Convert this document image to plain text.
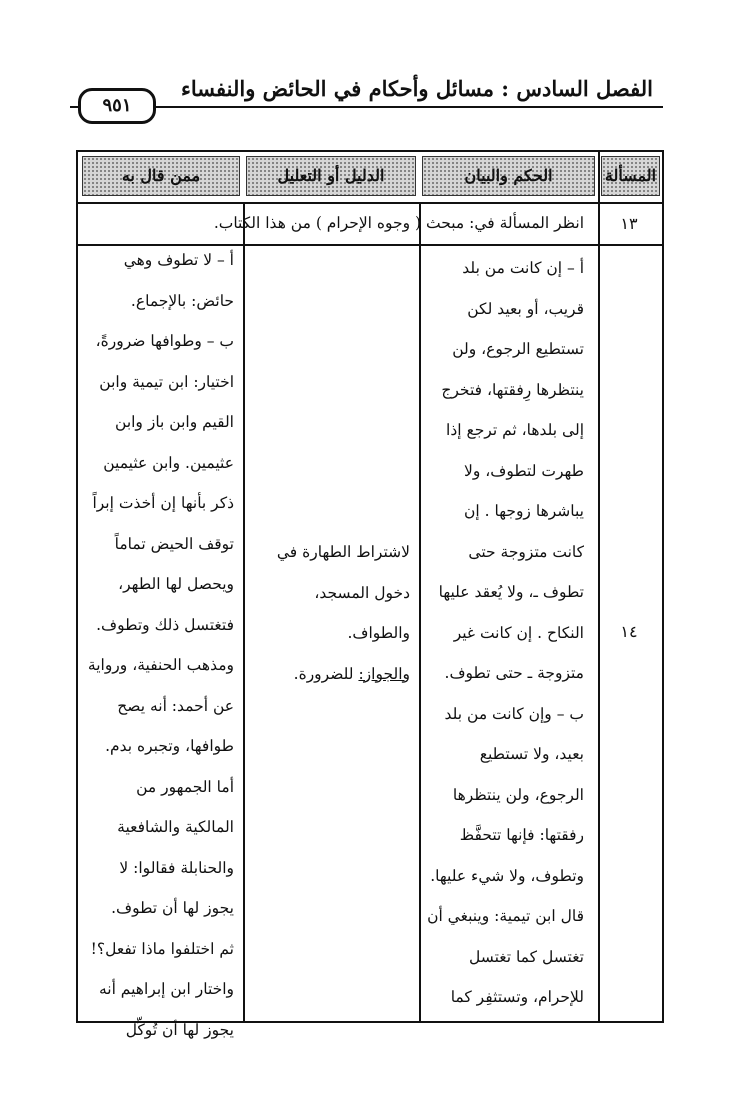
الفصل السادس : مسائل وأحكام في الحائض والنفساء
٩٥١
المسألة
الحكم والبيان
الدليل أو التعليل
ممن قال به
١٣
انظر المسألة في: مبحث ( وجوه الإحرام ) من هذا الكتاب.
١٤
أ – إن كانت من بلد
قريب، أو بعيد لكن
تستطيع الرجوع، ولن
ينتظرها رِفقتها، فتخرج
إلى بلدها، ثم ترجع إذا
طهرت لتطوف، ولا
يباشرها زوجها . إن
كانت متزوجة حتى
تطوف ـ، ولا يُعقد عليها
النكاح . إن كانت غير
متزوجة ـ حتى تطوف.
ب – وإن كانت من بلد
بعيد، ولا تستطيع
الرجوع، ولن ينتظرها
رفقتها: فإنها تتحفَّظ
وتطوف، ولا شيء عليها.
قال ابن تيمية: وينبغي أن
تغتسل كما تغتسل
للإحرام، وتستثفِر كما
لاشتراط الطهارة في
دخول المسجد،
والطواف.
والجواز: للضرورة.
أ – لا تطوف وهي
حائض: بالإجماع.
ب – وطوافها ضرورةً،
اختيار: ابن تيمية وابن
القيم وابن باز وابن
عثيمين. وابن عثيمين
ذكر بأنها إن أخذت إبراً
توقف الحيض تماماً
ويحصل لها الطهر،
فتغتسل ذلك وتطوف.
ومذهب الحنفية، ورواية
عن أحمد: أنه يصح
طوافها، وتجبره بدم.
أما الجمهور من
المالكية والشافعية
والحنابلة فقالوا: لا
يجوز لها أن تطوف.
ثم اختلفوا ماذا تفعل؟!
واختار ابن إبراهيم أنه
يجوز لها أن تُوكِّل
